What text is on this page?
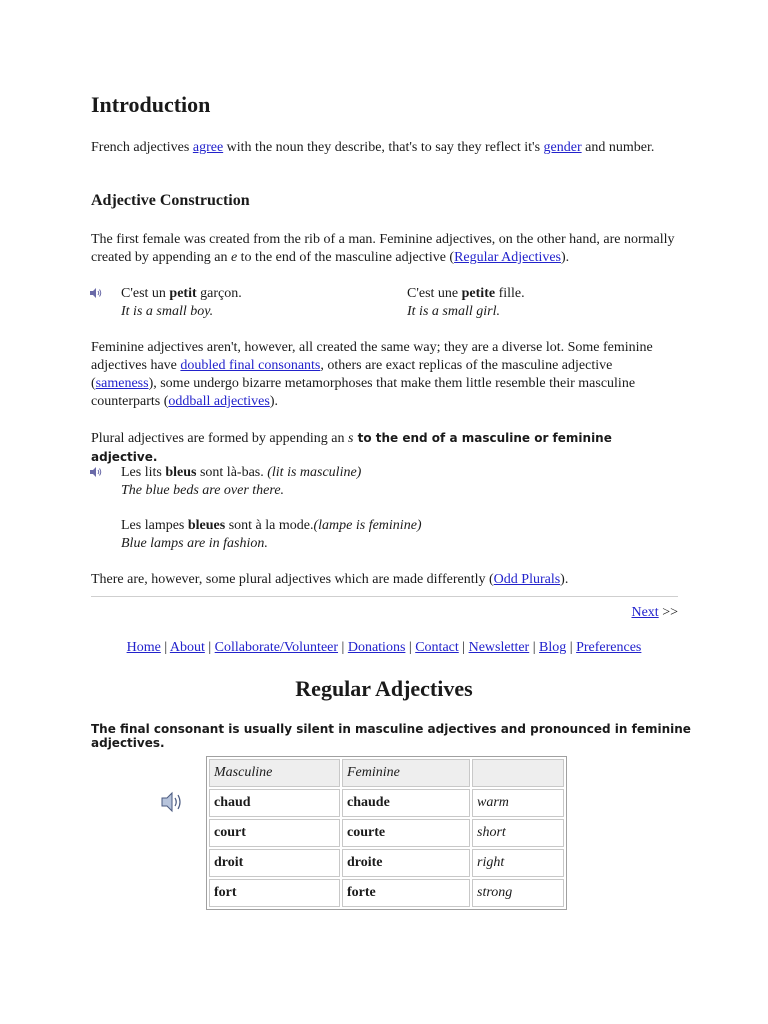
Introduction

French adjectives agree with the noun they describe, that's to say they reflect it's gender and number.

Adjective Construction

The first female was created from the rib of a man. Feminine adjectives, on the other hand, are normally created by appending an e to the end of the masculine adjective (Regular Adjectives).

C'est un petit garçon.
It is a small boy.
C'est une petite fille.
It is a small girl.

Feminine adjectives aren't, however, all created the same way; they are a diverse lot. Some feminine adjectives have doubled final consonants, others are exact replicas of the masculine adjective (sameness), some undergo bizarre metamorphoses that make them little resemble their masculine counterparts (oddball adjectives).

Plural adjectives are formed by appending an s to the end of a masculine or feminine adjective.

Les lits bleus sont là-bas. (lit is masculine)
The blue beds are over there.
Les lampes bleues sont à la mode.(lampe is feminine)
Blue lamps are in fashion.

There are, however, some plural adjectives which are made differently (Odd Plurals).

Next >>
Home | About | Collaborate/Volunteer | Donations | Contact | Newsletter | Blog | Preferences
Regular Adjectives
The final consonant is usually silent in masculine adjectives and pronounced in feminine adjectives.
Masculine	Feminine	
chaud	chaude	warm
court	courte	short
droit	droite	right
fort	forte	strong
